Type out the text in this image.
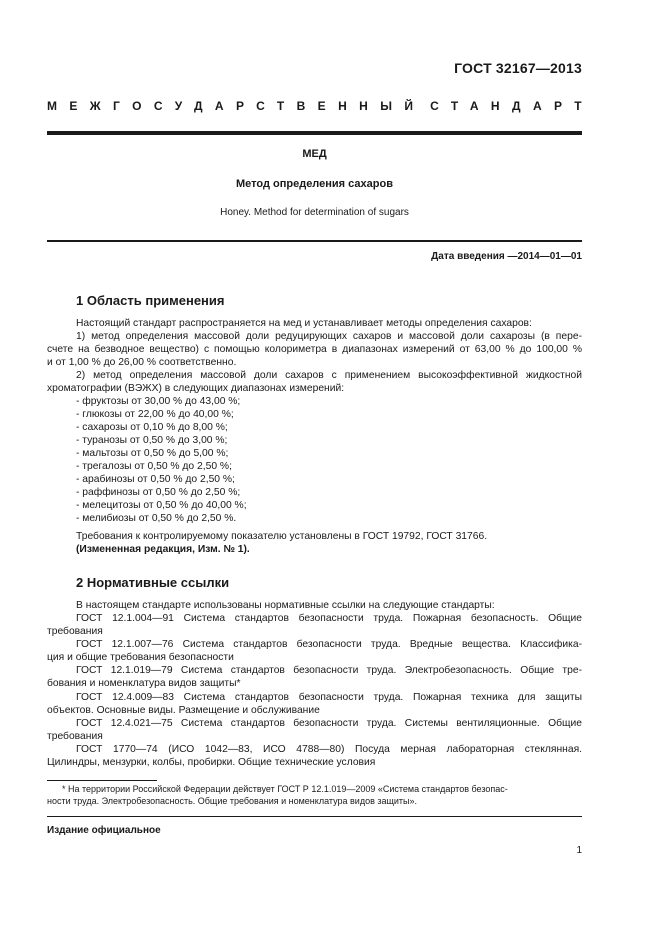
ГОСТ 32167—2013
МЕЖГОСУДАРСТВЕННЫЙ СТАНДАРТ
МЕД
Метод определения сахаров
Honey. Method for determination of sugars
Дата введения —2014—01—01
1 Область применения
Настоящий стандарт распространяется на мед и устанавливает методы определения сахаров:
1) метод определения массовой доли редуцирующих сахаров и массовой доли сахарозы (в пере-
счете на безводное вещество) с помощью колориметра в диапазонах измерений от 63,00 % до 100,00 %
и от 1,00 % до 26,00 % соответственно.
2) метод определения массовой доли сахаров с применением высокоэффективной жидкостной
хроматографии (ВЭЖХ) в следующих диапазонах измерений:
- фруктозы от 30,00 % до 43,00 %;
- глюкозы от 22,00 % до 40,00 %;
- сахарозы от 0,10 % до 8,00 %;
- туранозы от 0,50 % до 3,00 %;
- мальтозы от 0,50 % до 5,00 %;
- трегалозы от 0,50 % до 2,50 %;
- арабинозы от 0,50 % до 2,50 %;
- раффинозы от 0,50 % до 2,50 %;
- мелецитозы от 0,50 % до 40,00 %;
- мелибиозы от 0,50 % до 2,50 %.
Требования к контролируемому показателю установлены в ГОСТ 19792, ГОСТ 31766.
(Измененная редакция, Изм. № 1).
2 Нормативные ссылки
В настоящем стандарте использованы нормативные ссылки на следующие стандарты:
ГОСТ 12.1.004—91 Система стандартов безопасности труда. Пожарная безопасность. Общие
требования
ГОСТ 12.1.007—76 Система стандартов безопасности труда. Вредные вещества. Классифика-
ция и общие требования безопасности
ГОСТ 12.1.019—79 Система стандартов безопасности труда. Электробезопасность. Общие тре-
бования и номенклатура видов защиты*
ГОСТ 12.4.009—83 Система стандартов безопасности труда. Пожарная техника для защиты
объектов. Основные виды. Размещение и обслуживание
ГОСТ 12.4.021—75 Система стандартов безопасности труда. Системы вентиляционные. Общие
требования
ГОСТ 1770—74 (ИСО 1042—83, ИСО 4788—80) Посуда мерная лабораторная стеклянная.
Цилиндры, мензурки, колбы, пробирки. Общие технические условия
* На территории Российской Федерации действует ГОСТ Р 12.1.019—2009 «Система стандартов безопас-
ности труда. Электробезопасность. Общие требования и номенклатура видов защиты».
Издание официальное
1
